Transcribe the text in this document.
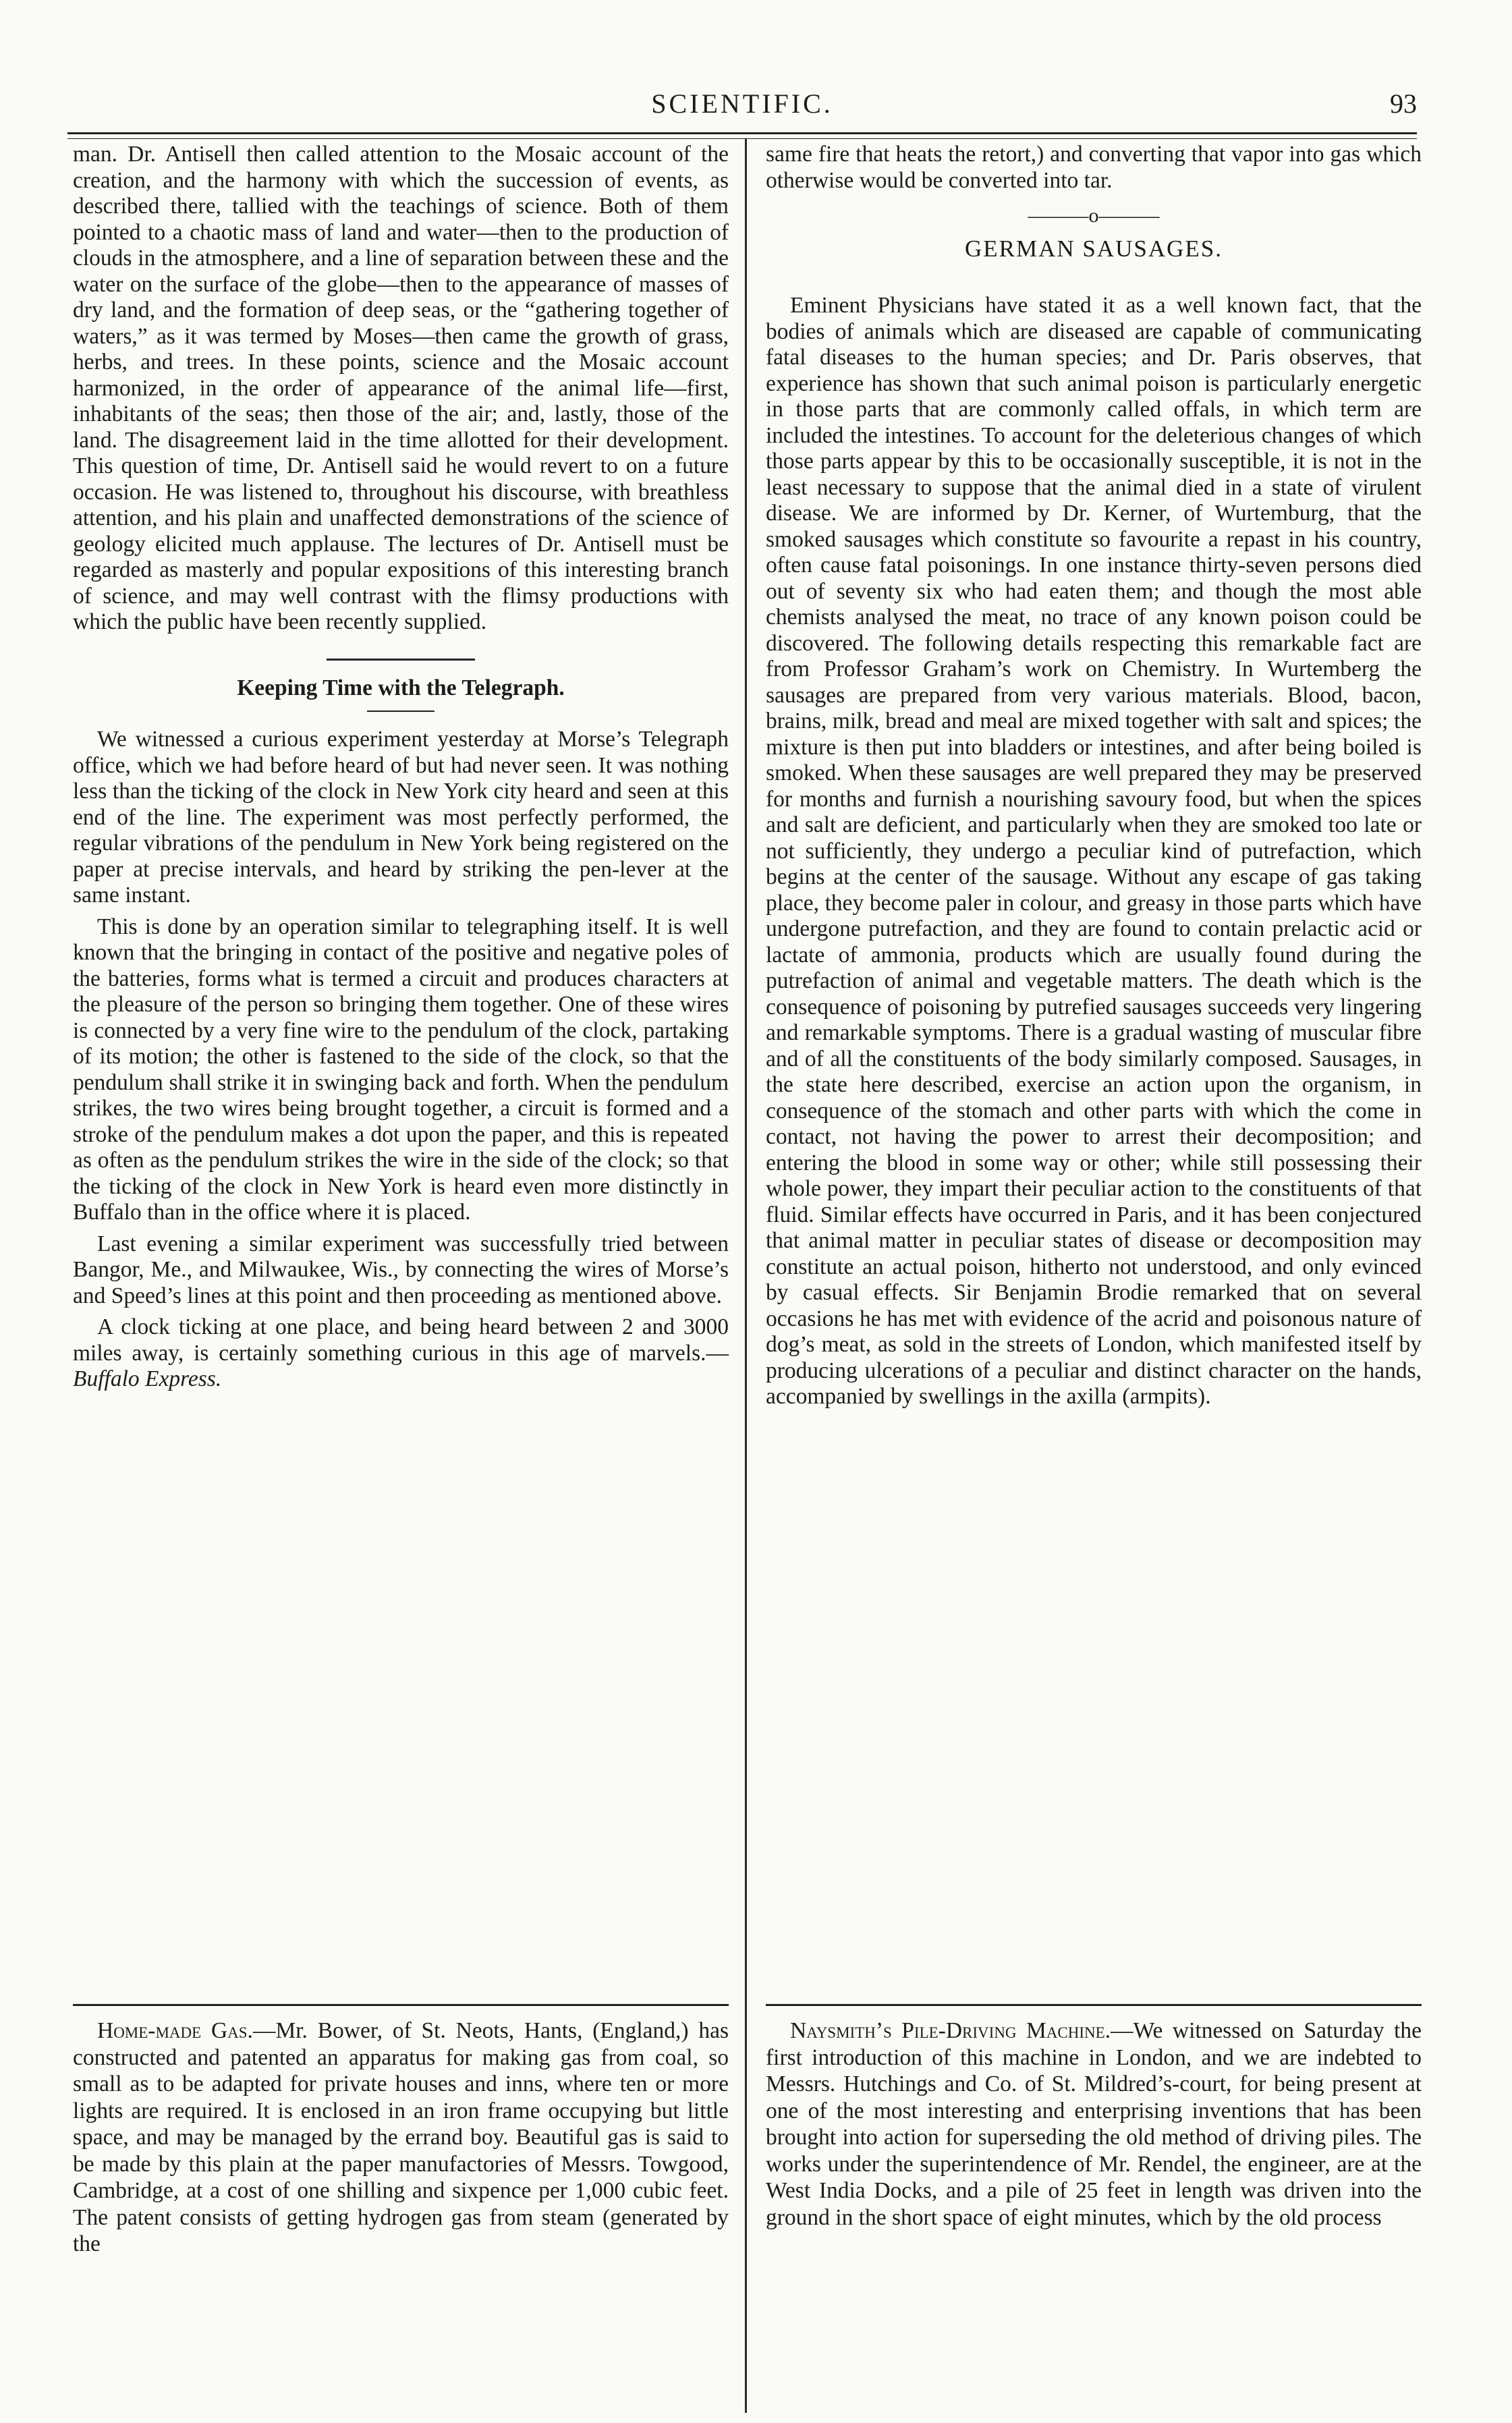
SCIENTIFIC.	93

man. Dr. Antisell then called attention to the Mosaic account of the creation, and the harmony with which the succession of events, as described there, tallied with the teachings of science. Both of them pointed to a chaotic mass of land and water—then to the production of clouds in the atmosphere, and a line of separation between these and the water on the surface of the globe—then to the appearance of masses of dry land, and the formation of deep seas, or the “gathering together of waters,” as it was termed by Moses—then came the growth of grass, herbs, and trees. In these points, science and the Mosaic account harmonized, in the order of appearance of the animal life—first, inhabitants of the seas; then those of the air; and, lastly, those of the land. The disagreement laid in the time allotted for their development. This question of time, Dr. Antisell said he would revert to on a future occasion. He was listened to, throughout his discourse, with breathless attention, and his plain and unaffected demonstrations of the science of geology elicited much applause. The lectures of Dr. Antisell must be regarded as masterly and popular expositions of this interesting branch of science, and may well contrast with the flimsy productions with which the public have been recently supplied.

Keeping Time with the Telegraph.

We witnessed a curious experiment yesterday at Morse’s Telegraph office, which we had before heard of but had never seen. It was nothing less than the ticking of the clock in New York city heard and seen at this end of the line. The experiment was most perfectly performed, the regular vibrations of the pendulum in New York being registered on the paper at precise intervals, and heard by striking the pen-lever at the same instant.

This is done by an operation similar to telegraphing itself. It is well known that the bringing in contact of the positive and negative poles of the batteries, forms what is termed a circuit and produces characters at the pleasure of the person so bringing them together. One of these wires is connected by a very fine wire to the pendulum of the clock, partaking of its motion; the other is fastened to the side of the clock, so that the pendulum shall strike it in swinging back and forth. When the pendulum strikes, the two wires being brought together, a circuit is formed and a stroke of the pendulum makes a dot upon the paper, and this is repeated as often as the pendulum strikes the wire in the side of the clock; so that the ticking of the clock in New York is heard even more distinctly in Buffalo than in the office where it is placed.

Last evening a similar experiment was successfully tried between Bangor, Me., and Milwaukee, Wis., by connecting the wires of Morse’s and Speed’s lines at this point and then proceeding as mentioned above.

A clock ticking at one place, and being heard between 2 and 3000 miles away, is certainly something curious in this age of marvels.—Buffalo Express.

same fire that heats the retort,) and converting that vapor into gas which otherwise would be converted into tar.

———o———
GERMAN SAUSAGES.

Eminent Physicians have stated it as a well known fact, that the bodies of animals which are diseased are capable of communicating fatal diseases to the human species; and Dr. Paris observes, that experience has shown that such animal poison is particularly energetic in those parts that are commonly called offals, in which term are included the intestines. To account for the deleterious changes of which those parts appear by this to be occasionally susceptible, it is not in the least necessary to suppose that the animal died in a state of virulent disease. We are informed by Dr. Kerner, of Wurtemburg, that the smoked sausages which constitute so favourite a repast in his country, often cause fatal poisonings. In one instance thirty-seven persons died out of seventy six who had eaten them; and though the most able chemists analysed the meat, no trace of any known poison could be discovered. The following details respecting this remarkable fact are from Professor Graham’s work on Chemistry. In Wurtemberg the sausages are prepared from very various materials. Blood, bacon, brains, milk, bread and meal are mixed together with salt and spices; the mixture is then put into bladders or intestines, and after being boiled is smoked. When these sausages are well prepared they may be preserved for months and furnish a nourishing savoury food, but when the spices and salt are deficient, and particularly when they are smoked too late or not sufficiently, they undergo a peculiar kind of putrefaction, which begins at the center of the sausage. Without any escape of gas taking place, they become paler in colour, and greasy in those parts which have undergone putrefaction, and they are found to contain prelactic acid or lactate of ammonia, products which are usually found during the putrefaction of animal and vegetable matters. The death which is the consequence of poisoning by putrefied sausages succeeds very lingering and remarkable symptoms. There is a gradual wasting of muscular fibre and of all the constituents of the body similarly composed. Sausages, in the state here described, exercise an action upon the organism, in consequence of the stomach and other parts with which the come in contact, not having the power to arrest their decomposition; and entering the blood in some way or other; while still possessing their whole power, they impart their peculiar action to the constituents of that fluid. Similar effects have occurred in Paris, and it has been conjectured that animal matter in peculiar states of disease or decomposition may constitute an actual poison, hitherto not understood, and only evinced by casual effects. Sir Benjamin Brodie remarked that on several occasions he has met with evidence of the acrid and poisonous nature of dog’s meat, as sold in the streets of London, which manifested itself by producing ulcerations of a peculiar and distinct character on the hands, accompanied by swellings in the axilla (armpits).

Home-made Gas.—Mr. Bower, of St. Neots, Hants, (England,) has constructed and patented an apparatus for making gas from coal, so small as to be adapted for private houses and inns, where ten or more lights are required. It is enclosed in an iron frame occupying but little space, and may be managed by the errand boy. Beautiful gas is said to be made by this plain at the paper manufactories of Messrs. Towgood, Cambridge, at a cost of one shilling and sixpence per 1,000 cubic feet. The patent consists of getting hydrogen gas from steam (generated by the

Naysmith’s Pile-Driving Machine.—We witnessed on Saturday the first introduction of this machine in London, and we are indebted to Messrs. Hutchings and Co. of St. Mildred’s-court, for being present at one of the most interesting and enterprising inventions that has been brought into action for superseding the old method of driving piles. The works under the superintendence of Mr. Rendel, the engineer, are at the West India Docks, and a pile of 25 feet in length was driven into the ground in the short space of eight minutes, which by the old process
